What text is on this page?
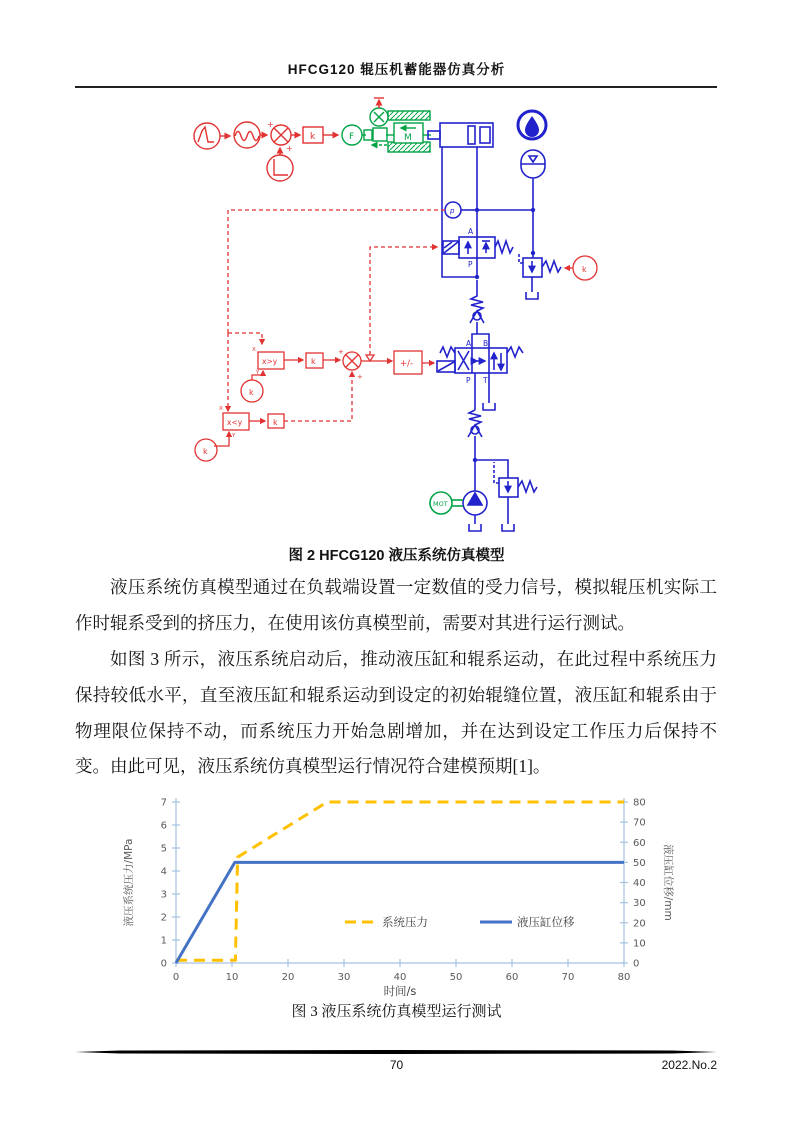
HFCG120 辊压机蓄能器仿真分析
+
+
k	F	M
MOT
A
P
A B
P T
p
x>y
x<y
k
k
k
k
k
+/-
+
+
X
Y
X
Y
图 2 HFCG120 液压系统仿真模型

液压系统仿真模型通过在负载端设置一定数值的受力信号，模拟辊压机实际工作时辊系受到的挤压力，在使用该仿真模型前，需要对其进行运行测试。

如图 3 所示，液压系统启动后，推动液压缸和辊系运动，在此过程中系统压力保持较低水平，直至液压缸和辊系运动到设定的初始辊缝位置，液压缸和辊系由于物理限位保持不动，而系统压力开始急剧增加，并在达到设定工作压力后保持不变。由此可见，液压系统仿真模型运行情况符合建模预期[1]。

0
1
2
3
4
5
6
7
0
10
20
30
40
50
60
70
80
0	10	20	30	40	50	60	70	80
液压系统压力/MPa	液压缸位移/mm
时间/s
系统压力	液压缸位移
图 3 液压系统仿真模型运行测试
70	2022.No.2
